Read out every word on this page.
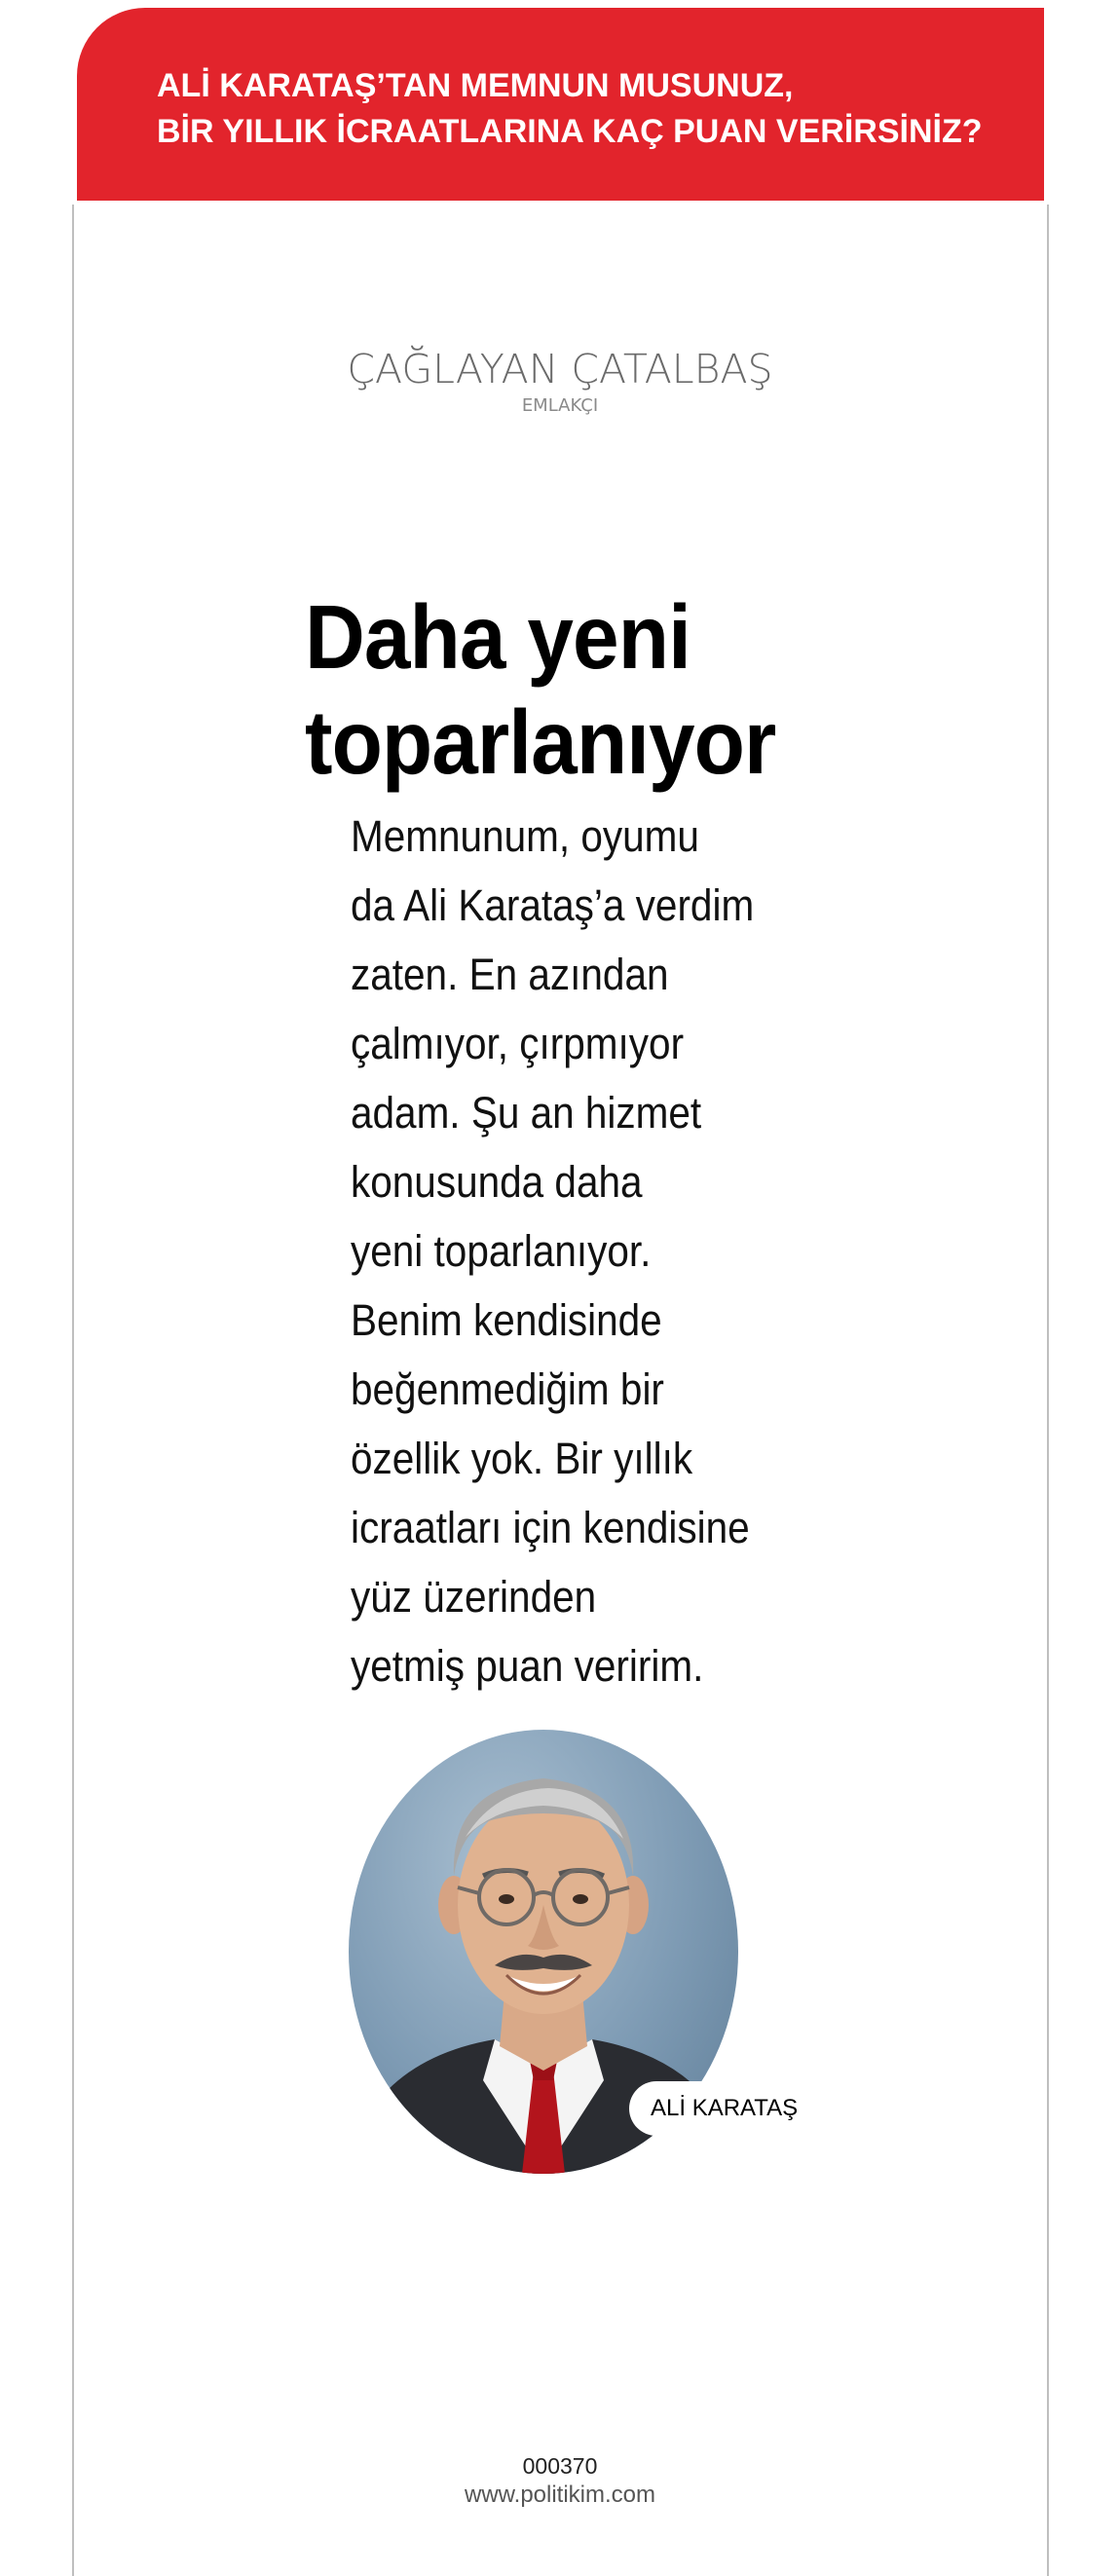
ALİ KARATAŞ’TAN MEMNUN MUSUNUZ,
BİR YILLIK İCRAATLARINA KAÇ PUAN VERİRSİNİZ?
ÇAĞLAYAN ÇATALBAŞ
EMLAKÇI
Daha yeni
toparlanıyor
Memnunum, oyumu
da Ali Karataş’a verdim
zaten. En azından
çalmıyor, çırpmıyor
adam. Şu an hizmet
konusunda daha
yeni toparlanıyor.
Benim kendisinde
beğenmediğim bir
özellik yok. Bir yıllık
icraatları için kendisine
yüz üzerinden
yetmiş puan veririm.
ALİ KARATAŞ
000370
www.politikim.com
